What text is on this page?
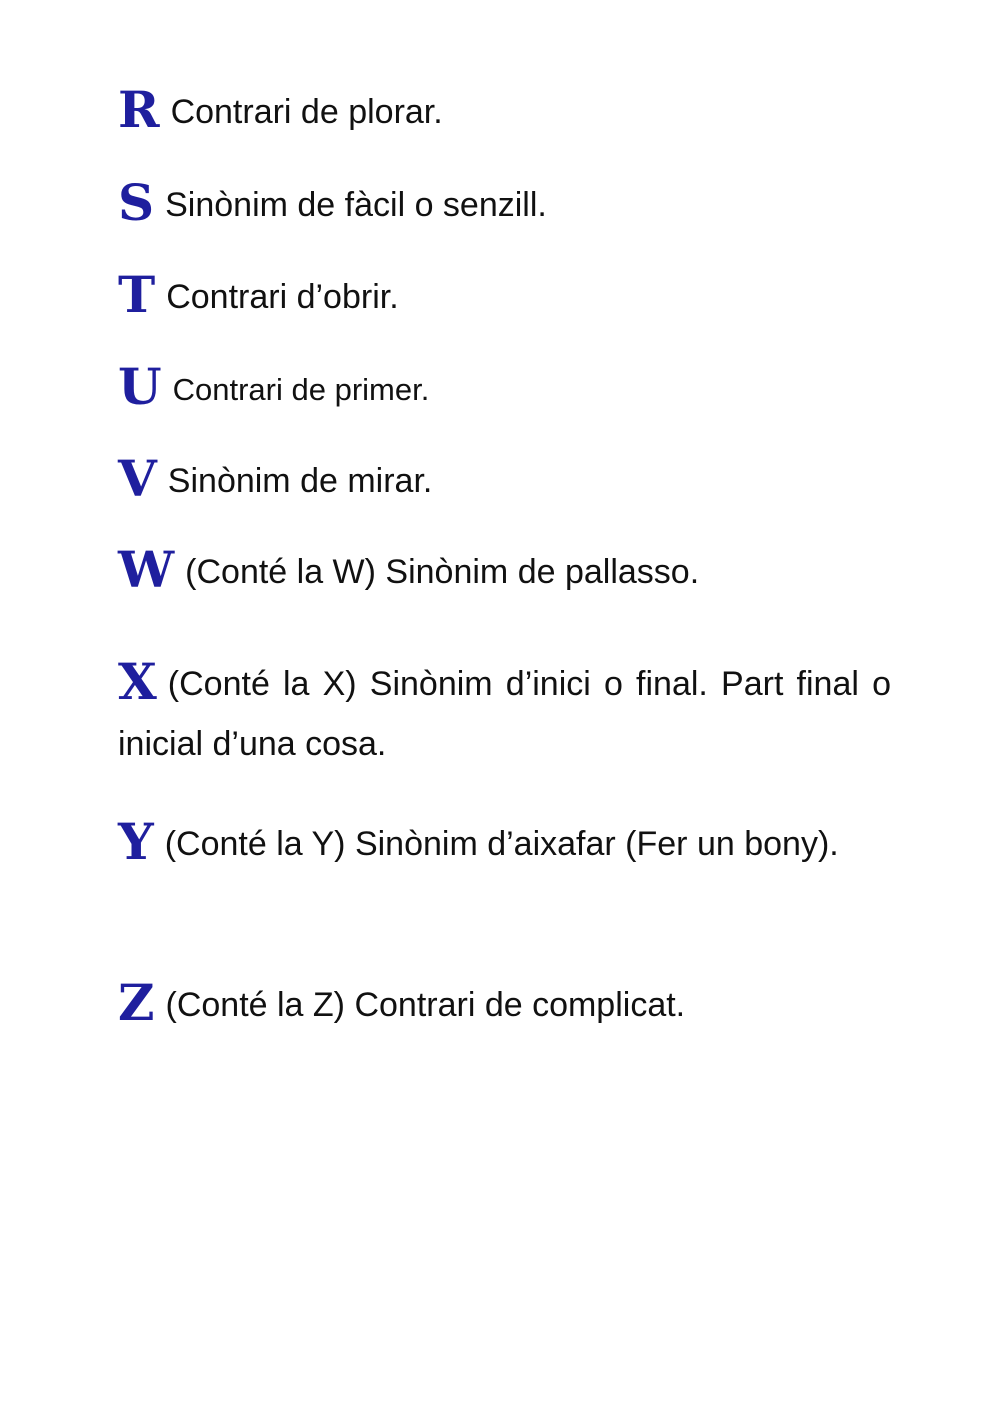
R Contrari de plorar.
S Sinònim de fàcil o senzill.
T Contrari d’obrir.
U Contrari de primer.
V Sinònim de mirar.
W (Conté la W) Sinònim de pallasso.
X (Conté la X) Sinònim d’inici o final. Part final o inicial d’una cosa.
Y (Conté la Y) Sinònim d’aixafar (Fer un bony).
Z (Conté la Z) Contrari de complicat.
